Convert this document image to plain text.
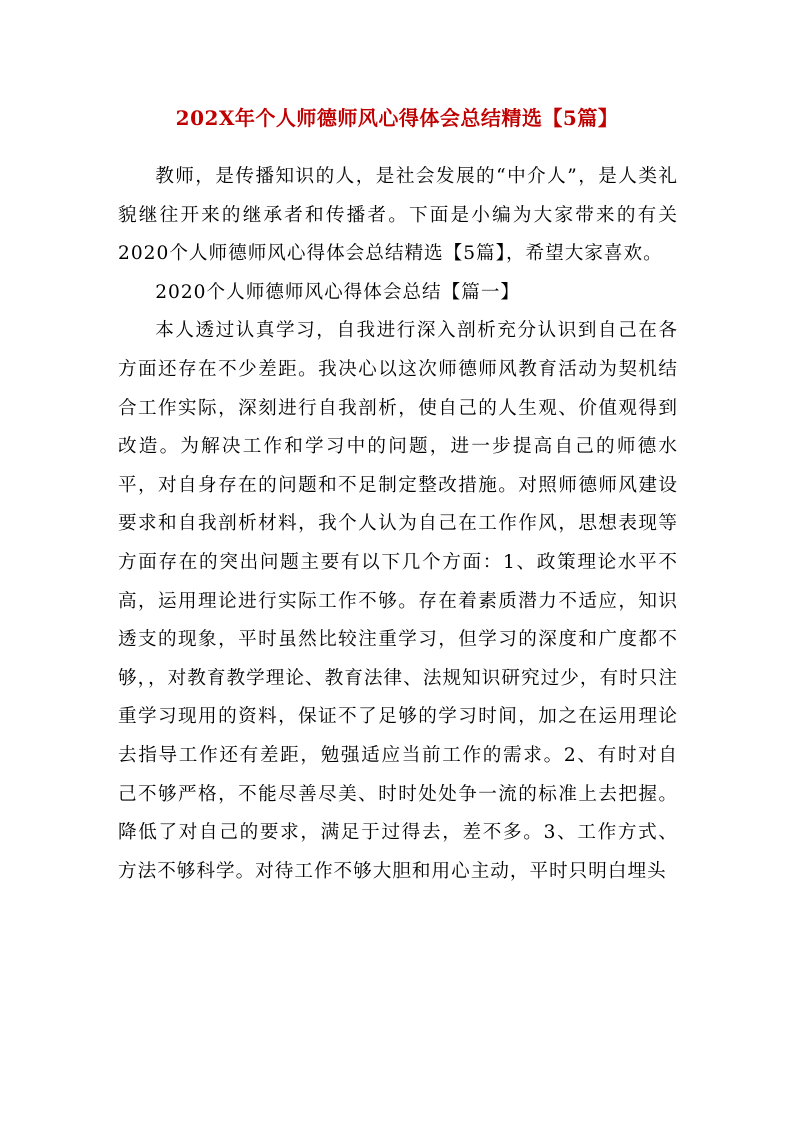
202X年个人师德师风心得体会总结精选【5篇】

教师，是传播知识的人，是社会发展的“中介人”，是人类礼貌继往开来的继承者和传播者。下面是小编为大家带来的有关2020个人师德师风心得体会总结精选【5篇】，希望大家喜欢。

2020个人师德师风心得体会总结【篇一】

本人透过认真学习，自我进行深入剖析充分认识到自己在各方面还存在不少差距。我决心以这次师德师风教育活动为契机结合工作实际，深刻进行自我剖析，使自己的人生观、价值观得到改造。为解决工作和学习中的问题，进一步提高自己的师德水平，对自身存在的问题和不足制定整改措施。对照师德师风建设要求和自我剖析材料，我个人认为自己在工作作风，思想表现等方面存在的突出问题主要有以下几个方面：1、政策理论水平不高，运用理论进行实际工作不够。存在着素质潜力不适应，知识透支的现象，平时虽然比较注重学习，但学习的深度和广度都不够，，对教育教学理论、教育法律、法规知识研究过少，有时只注重学习现用的资料，保证不了足够的学习时间，加之在运用理论去指导工作还有差距，勉强适应当前工作的需求。2、有时对自己不够严格，不能尽善尽美、时时处处争一流的标准上去把握。降低了对自己的要求，满足于过得去，差不多。3、工作方式、方法不够科学。对待工作不够大胆和用心主动，平时只明白埋头
